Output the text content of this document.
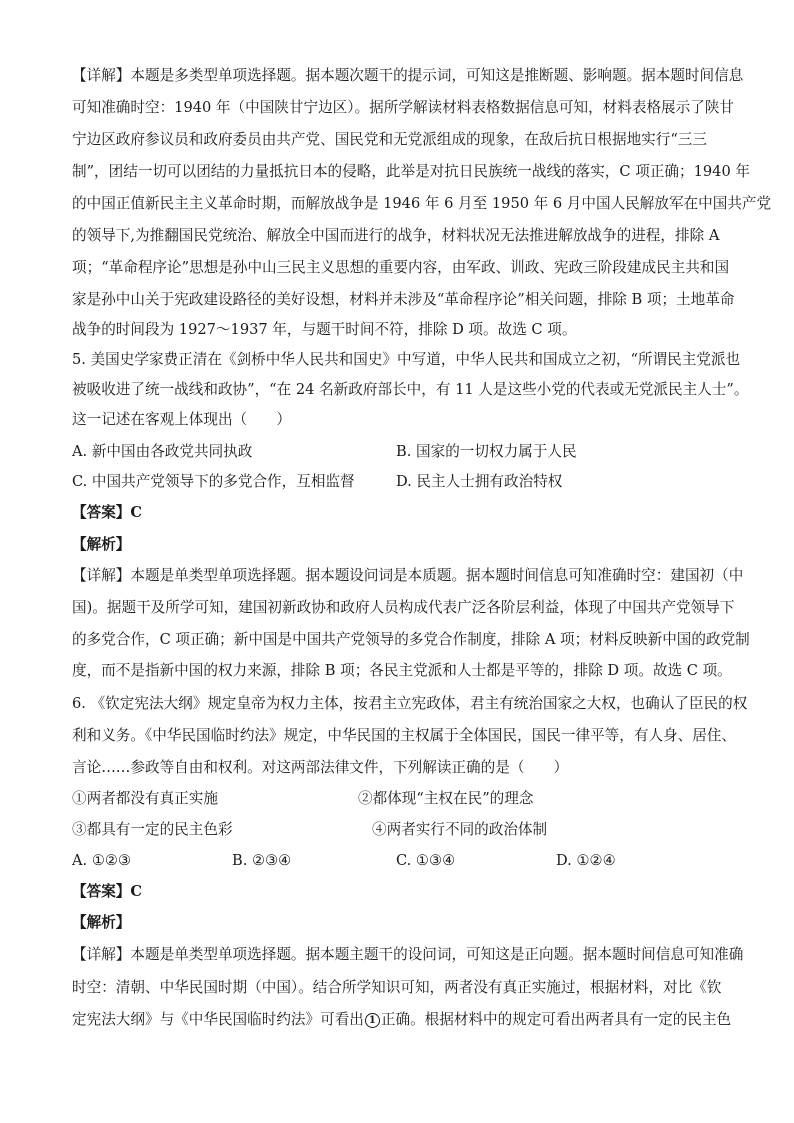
【详解】本题是多类型单项选择题。据本题次题干的提示词，可知这是推断题、影响题。据本题时间信息
可知准确时空：1940 年（中国陕甘宁边区）。据所学解读材料表格数据信息可知，材料表格展示了陕甘
宁边区政府参议员和政府委员由共产党、国民党和无党派组成的现象，在敌后抗日根据地实行“三三
制”，团结一切可以团结的力量抵抗日本的侵略，此举是对抗日民族统一战线的落实，C 项正确；1940 年
的中国正值新民主主义革命时期，而解放战争是 1946 年 6 月至 1950 年 6 月中国人民解放军在中国共产党
的领导下,为推翻国民党统治、解放全中国而进行的战争，材料状况无法推进解放战争的进程，排除 A
项；“革命程序论”思想是孙中山三民主义思想的重要内容，由军政、训政、宪政三阶段建成民主共和国
家是孙中山关于宪政建设路径的美好设想，材料并未涉及“革命程序论”相关问题，排除 B 项；土地革命
战争的时间段为 1927～1937 年，与题干时间不符，排除 D 项。故选 C 项。
5. 美国史学家费正清在《剑桥中华人民共和国史》中写道，中华人民共和国成立之初，“所谓民主党派也
被吸收进了统一战线和政协”，“在 24 名新政府部长中，有 11 人是这些小党的代表或无党派民主人士”。
这一记述在客观上体现出（　　）
A. 新中国由各政党共同执政	B. 国家的一切权力属于人民
C. 中国共产党领导下的多党合作，互相监督	D. 民主人士拥有政治特权
【答案】C
【解析】
【详解】本题是单类型单项选择题。据本题设问词是本质题。据本题时间信息可知准确时空：建国初（中
国)。据题干及所学可知，建国初新政协和政府人员构成代表广泛各阶层利益，体现了中国共产党领导下
的多党合作，C 项正确；新中国是中国共产党领导的多党合作制度，排除 A 项；材料反映新中国的政党制
度，而不是指新中国的权力来源，排除 B 项；各民主党派和人士都是平等的，排除 D 项。故选 C 项。
6. 《钦定宪法大纲》规定皇帝为权力主体，按君主立宪政体，君主有统治国家之大权，也确认了臣民的权
利和义务。《中华民国临时约法》规定，中华民国的主权属于全体国民，国民一律平等，有人身、居住、
言论……参政等自由和权利。对这两部法律文件，下列解读正确的是（　　）
①两者都没有真正实施	②都体现“主权在民”的理念
③都具有一定的民主色彩	④两者实行不同的政治体制
A. ①②③	B. ②③④	C. ①③④	D. ①②④
【答案】C
【解析】
【详解】本题是单类型单项选择题。据本题主题干的设问词，可知这是正向题。据本题时间信息可知准确
时空：清朝、中华民国时期（中国）。结合所学知识可知，两者没有真正实施过，根据材料，对比《钦
定宪法大纲》与《中华民国临时约法》可看出 1 正确。根据材料中的规定可看出两者具有一定的民主色
